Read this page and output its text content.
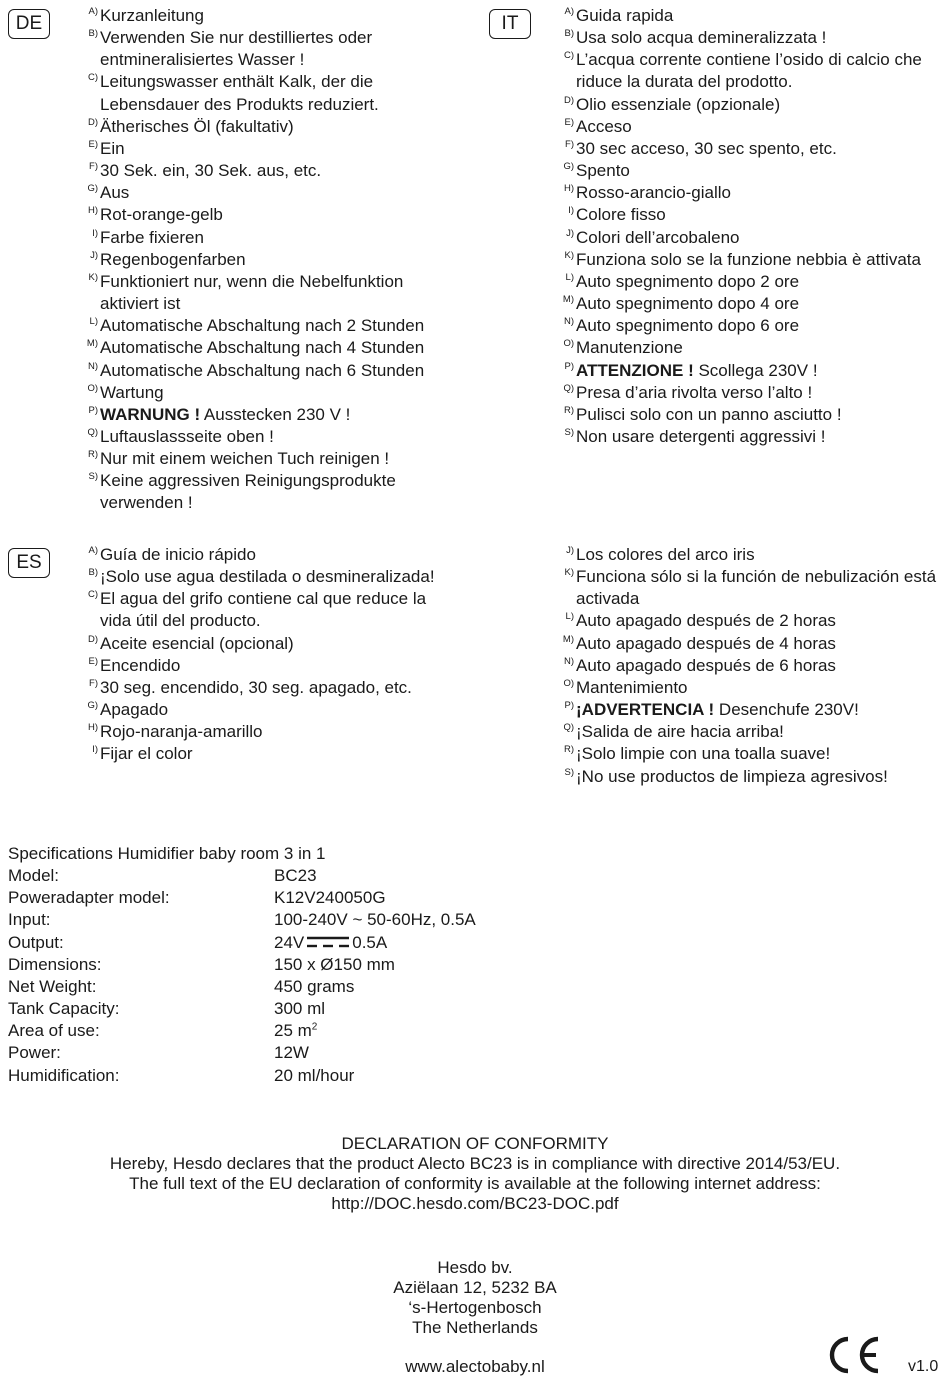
DE	IT
ES
A) Kurzanleitung
B) Verwenden Sie nur destilliertes oder entmineralisiertes Wasser !
C) Leitungswasser enthält Kalk, der die Lebensdauer des Produkts reduziert.
D) Ätherisches Öl (fakultativ)
E) Ein
F) 30 Sek. ein, 30 Sek. aus, etc.
G) Aus
H) Rot-orange-gelb
I) Farbe fixieren
J) Regenbogenfarben
K) Funktioniert nur, wenn die Nebelfunktion aktiviert ist
L) Automatische Abschaltung nach 2 Stunden
M) Automatische Abschaltung nach 4 Stunden
N) Automatische Abschaltung nach 6 Stunden
O) Wartung
P) WARNUNG ! Ausstecken 230 V !
Q) Luftauslassseite oben !
R) Nur mit einem weichen Tuch reinigen !
S) Keine aggressiven Reinigungsprodukte verwenden !
A) Guida rapida
B) Usa solo acqua demineralizzata !
C) L’acqua corrente contiene l’osido di calcio che riduce la durata del prodotto.
D) Olio essenziale (opzionale)
E) Acceso
F) 30 sec acceso, 30 sec spento, etc.
G) Spento
H) Rosso-arancio-giallo
I) Colore fisso
J) Colori dell’arcobaleno
K) Funziona solo se la funzione nebbia è attivata
L) Auto spegnimento dopo 2 ore
M) Auto spegnimento dopo 4 ore
N) Auto spegnimento dopo 6 ore
O) Manutenzione
P) ATTENZIONE ! Scollega 230V !
Q) Presa d’aria rivolta verso l’alto !
R) Pulisci solo con un panno asciutto !
S) Non usare detergenti aggressivi !
A) Guía de inicio rápido
B) ¡Solo use agua destilada o desmineralizada!
C) El agua del grifo contiene cal que reduce la vida útil del producto.
D) Aceite esencial (opcional)
E) Encendido
F) 30 seg. encendido, 30 seg. apagado, etc.
G) Apagado
H) Rojo-naranja-amarillo
I) Fijar el color
J) Los colores del arco iris
K) Funciona sólo si la función de nebulización está activada
L) Auto apagado después de 2 horas
M) Auto apagado después de 4 horas
N) Auto apagado después de 6 horas
O) Mantenimiento
P) ¡ADVERTENCIA ! Desenchufe 230V!
Q) ¡Salida de aire hacia arriba!
R) ¡Solo limpie con una toalla suave!
S) ¡No use productos de limpieza agresivos!
Specifications Humidifier baby room 3 in 1
Model:	BC23
Poweradapter model:	K12V240050G
Input:	100-240V ~ 50-60Hz, 0.5A
Output:	24V	0.5A
Dimensions:	150 x Ø150 mm
Net Weight:	450 grams
Tank Capacity:	300 ml
Area of use:	25 $m^2$
Power:	12W
Humidification:	20 ml/hour
DECLARATION OF CONFORMITY
Hereby, Hesdo declares that the product Alecto BC23 is in compliance with directive 2014/53/EU.
The full text of the EU declaration of conformity is available at the following internet address:
http://DOC.hesdo.com/BC23-DOC.pdf
Hesdo bv.
Aziëlaan 12, 5232 BA
‘s-Hertogenbosch
The Netherlands
www.alectobaby.nl	v1.0
